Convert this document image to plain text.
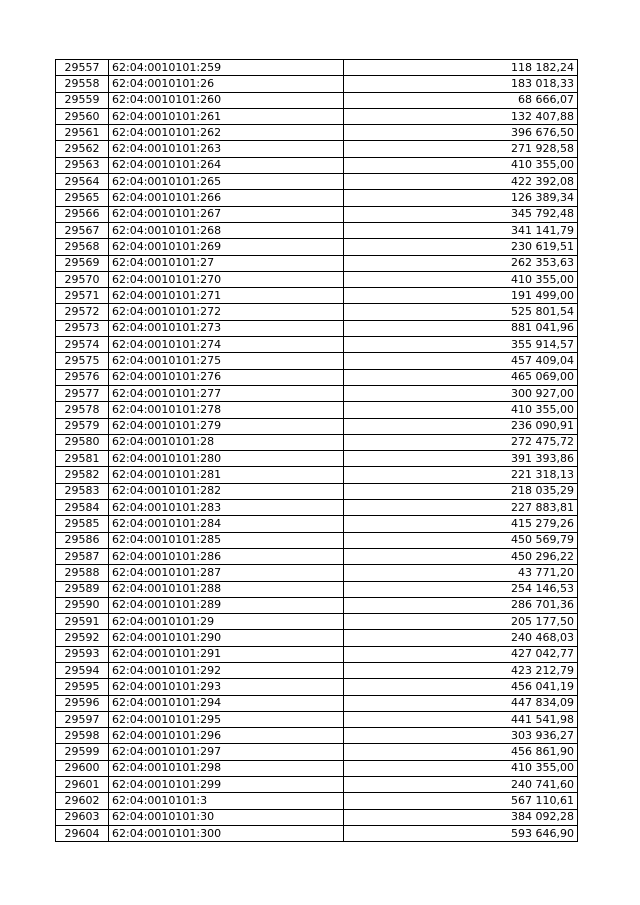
29557	62:04:0010101:259	118 182,24
29558	62:04:0010101:26	183 018,33
29559	62:04:0010101:260	68 666,07
29560	62:04:0010101:261	132 407,88
29561	62:04:0010101:262	396 676,50
29562	62:04:0010101:263	271 928,58
29563	62:04:0010101:264	410 355,00
29564	62:04:0010101:265	422 392,08
29565	62:04:0010101:266	126 389,34
29566	62:04:0010101:267	345 792,48
29567	62:04:0010101:268	341 141,79
29568	62:04:0010101:269	230 619,51
29569	62:04:0010101:27	262 353,63
29570	62:04:0010101:270	410 355,00
29571	62:04:0010101:271	191 499,00
29572	62:04:0010101:272	525 801,54
29573	62:04:0010101:273	881 041,96
29574	62:04:0010101:274	355 914,57
29575	62:04:0010101:275	457 409,04
29576	62:04:0010101:276	465 069,00
29577	62:04:0010101:277	300 927,00
29578	62:04:0010101:278	410 355,00
29579	62:04:0010101:279	236 090,91
29580	62:04:0010101:28	272 475,72
29581	62:04:0010101:280	391 393,86
29582	62:04:0010101:281	221 318,13
29583	62:04:0010101:282	218 035,29
29584	62:04:0010101:283	227 883,81
29585	62:04:0010101:284	415 279,26
29586	62:04:0010101:285	450 569,79
29587	62:04:0010101:286	450 296,22
29588	62:04:0010101:287	43 771,20
29589	62:04:0010101:288	254 146,53
29590	62:04:0010101:289	286 701,36
29591	62:04:0010101:29	205 177,50
29592	62:04:0010101:290	240 468,03
29593	62:04:0010101:291	427 042,77
29594	62:04:0010101:292	423 212,79
29595	62:04:0010101:293	456 041,19
29596	62:04:0010101:294	447 834,09
29597	62:04:0010101:295	441 541,98
29598	62:04:0010101:296	303 936,27
29599	62:04:0010101:297	456 861,90
29600	62:04:0010101:298	410 355,00
29601	62:04:0010101:299	240 741,60
29602	62:04:0010101:3	567 110,61
29603	62:04:0010101:30	384 092,28
29604	62:04:0010101:300	593 646,90
